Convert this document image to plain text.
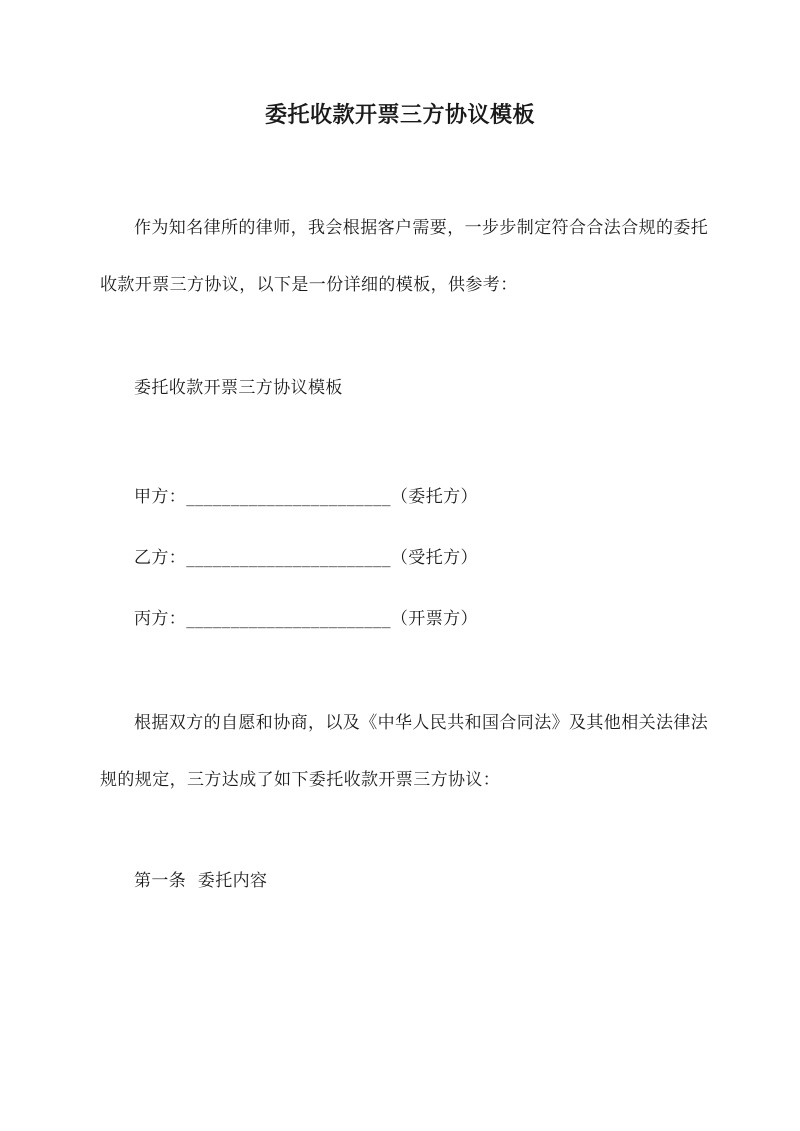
委托收款开票三方协议模板
作为知名律所的律师，我会根据客户需要，一步步制定符合合法合规的委托收款开票三方协议，以下是一份详细的模板，供参考：
委托收款开票三方协议模板
甲方：_______________________（委托方）
乙方：_______________________（受托方）
丙方：_______________________（开票方）
根据双方的自愿和协商，以及《中华人民共和国合同法》及其他相关法律法规的规定，三方达成了如下委托收款开票三方协议：
第一条  委托内容
